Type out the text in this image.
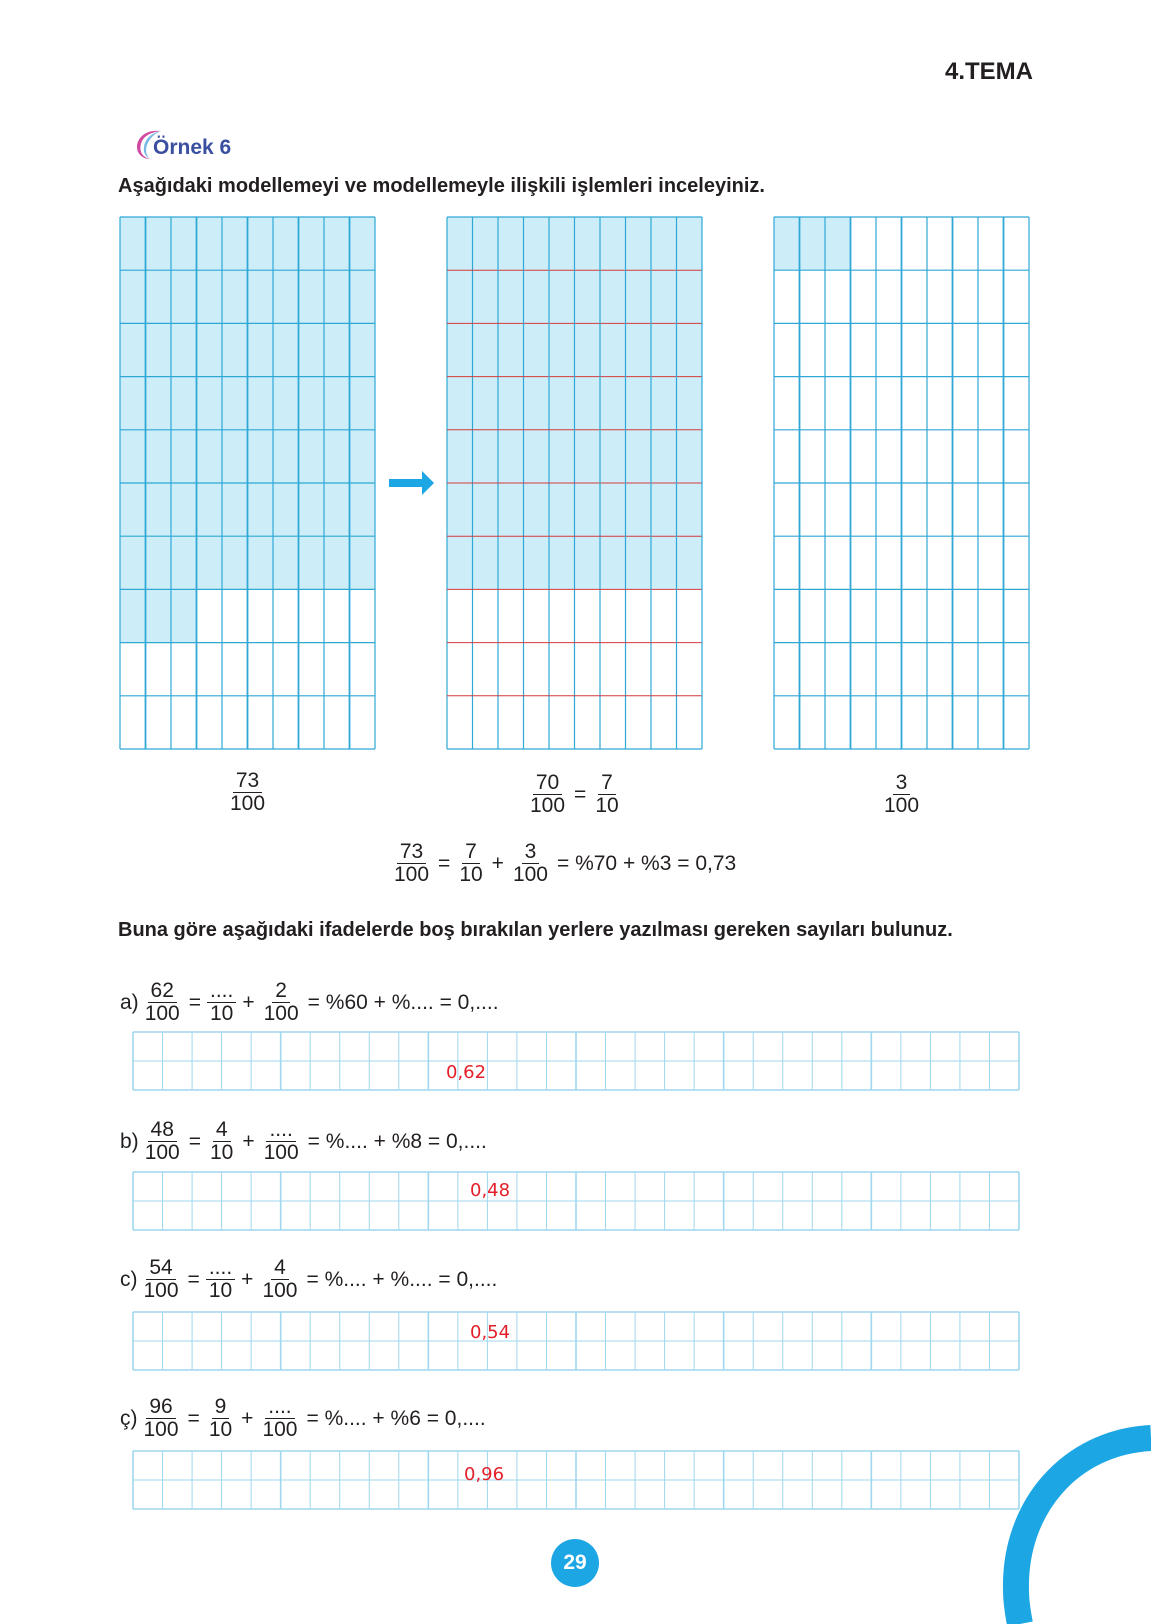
4.TEMA
Örnek 6
Aşağıdaki modellemeyi ve modellemeyle ilişkili işlemleri inceleyiniz.
$\frac{73}{100}$	$\frac{70}{100} = \frac{7}{10}$	$\frac{3}{100}$
$\frac{73}{100} = \frac{7}{10} + \frac{3}{100} = \%70 + \%3 = 0,73$
Buna göre aşağıdaki ifadelerde boş bırakılan yerlere yazılması gereken sayıları bulunuz.
$a) \frac{62}{100} = \frac{....}{10} + \frac{2}{100} = \%60$ + %.... = 0,....
0,62
$b) \frac{48}{100} = \frac{4}{10} + \frac{....}{100}$ = %.... + %8 = 0,....
0,48
$c) \frac{54}{100} = \frac{....}{10} + \frac{4}{100}$ = %.... + %.... = 0,....
0,54
ç) $\frac{96}{100} = \frac{9}{10} + \frac{....}{100}$ = %.... + %6 = 0,....
0,96
29
